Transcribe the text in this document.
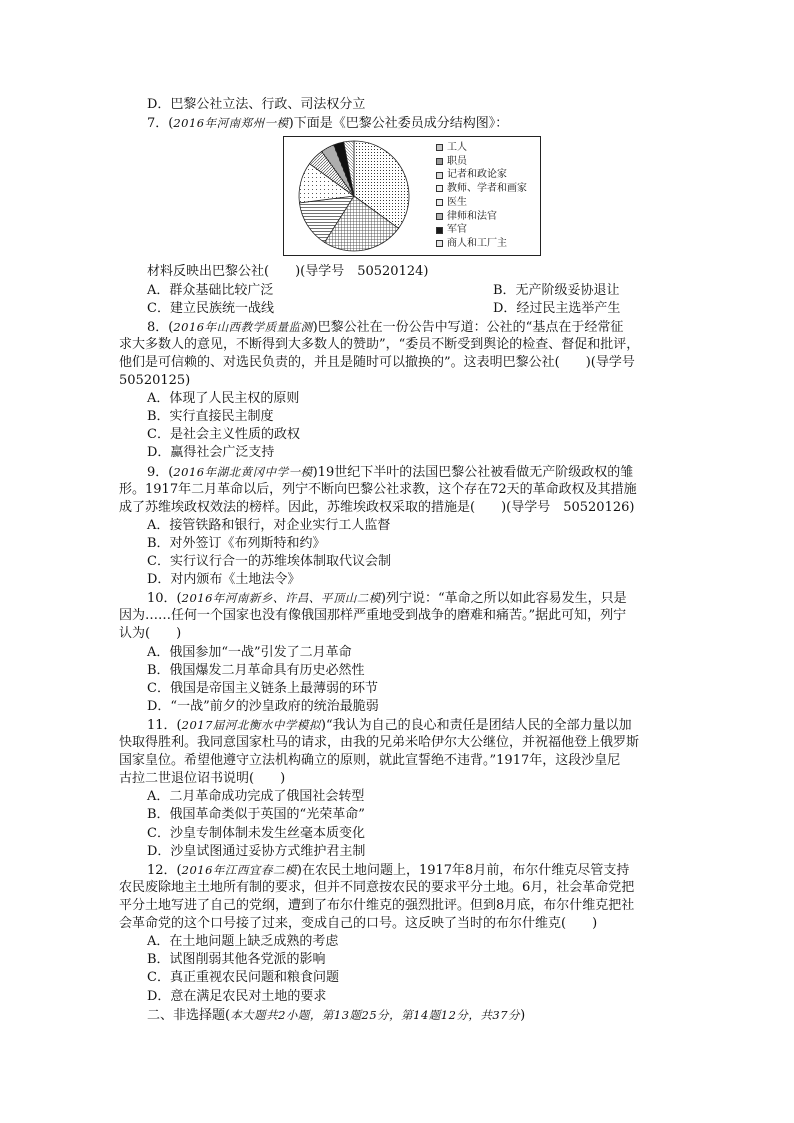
D．巴黎公社立法、行政、司法权分立
7．(2016年河南郑州一模)下面是《巴黎公社委员成分结构图》：
工人
职员
记者和政论家
教师、学者和画家
医生
律师和法官
军官
商人和工厂主
材料反映出巴黎公社(　　)(导学号　50520124)
A．群众基础比较广泛	B．无产阶级妥协退让
C．建立民族统一战线	D．经过民主选举产生
8．(2016年山西教学质量监测)巴黎公社在一份公告中写道：公社的“基点在于经常征
求大多数人的意见，不断得到大多数人的赞助”，“委员不断受到舆论的检查、督促和批评，
他们是可信赖的、对选民负责的，并且是随时可以撤换的”。这表明巴黎公社(　　)(导学号
50520125)
A．体现了人民主权的原则
B．实行直接民主制度
C．是社会主义性质的政权
D．赢得社会广泛支持
9．(2016年湖北黄冈中学一模)19世纪下半叶的法国巴黎公社被看做无产阶级政权的雏
形。1917年二月革命以后，列宁不断向巴黎公社求教，这个存在72天的革命政权及其措施
成了苏维埃政权效法的榜样。因此，苏维埃政权采取的措施是(　　)(导学号　50520126)
A．接管铁路和银行，对企业实行工人监督
B．对外签订《布列斯特和约》
C．实行议行合一的苏维埃体制取代议会制
D．对内颁布《土地法令》
10．(2016年河南新乡、许昌、平顶山二模)列宁说：“革命之所以如此容易发生，只是
因为……任何一个国家也没有像俄国那样严重地受到战争的磨难和痛苦。”据此可知，列宁
认为(　　)
A．俄国参加“一战”引发了二月革命
B．俄国爆发二月革命具有历史必然性
C．俄国是帝国主义链条上最薄弱的环节
D．“一战”前夕的沙皇政府的统治最脆弱
11．(2017届河北衡水中学模拟)“我认为自己的良心和责任是团结人民的全部力量以加
快取得胜利。我同意国家杜马的请求，由我的兄弟米哈伊尔大公继位，并祝福他登上俄罗斯
国家皇位。希望他遵守立法机构确立的原则，就此宣誓绝不违背。”1917年，这段沙皇尼
古拉二世退位诏书说明(　　)
A．二月革命成功完成了俄国社会转型
B．俄国革命类似于英国的“光荣革命”
C．沙皇专制体制未发生丝毫本质变化
D．沙皇试图通过妥协方式维护君主制
12．(2016年江西宜春二模)在农民土地问题上，1917年8月前，布尔什维克尽管支持
农民废除地主土地所有制的要求，但并不同意按农民的要求平分土地。6月，社会革命党把
平分土地写进了自己的党纲，遭到了布尔什维克的强烈批评。但到8月底，布尔什维克把社
会革命党的这个口号接了过来，变成自己的口号。这反映了当时的布尔什维克(　　)
A．在土地问题上缺乏成熟的考虑
B．试图削弱其他各党派的影响
C．真正重视农民问题和粮食问题
D．意在满足农民对土地的要求
二、非选择题(本大题共2小题，第13题25分，第14题12分，共37分)
